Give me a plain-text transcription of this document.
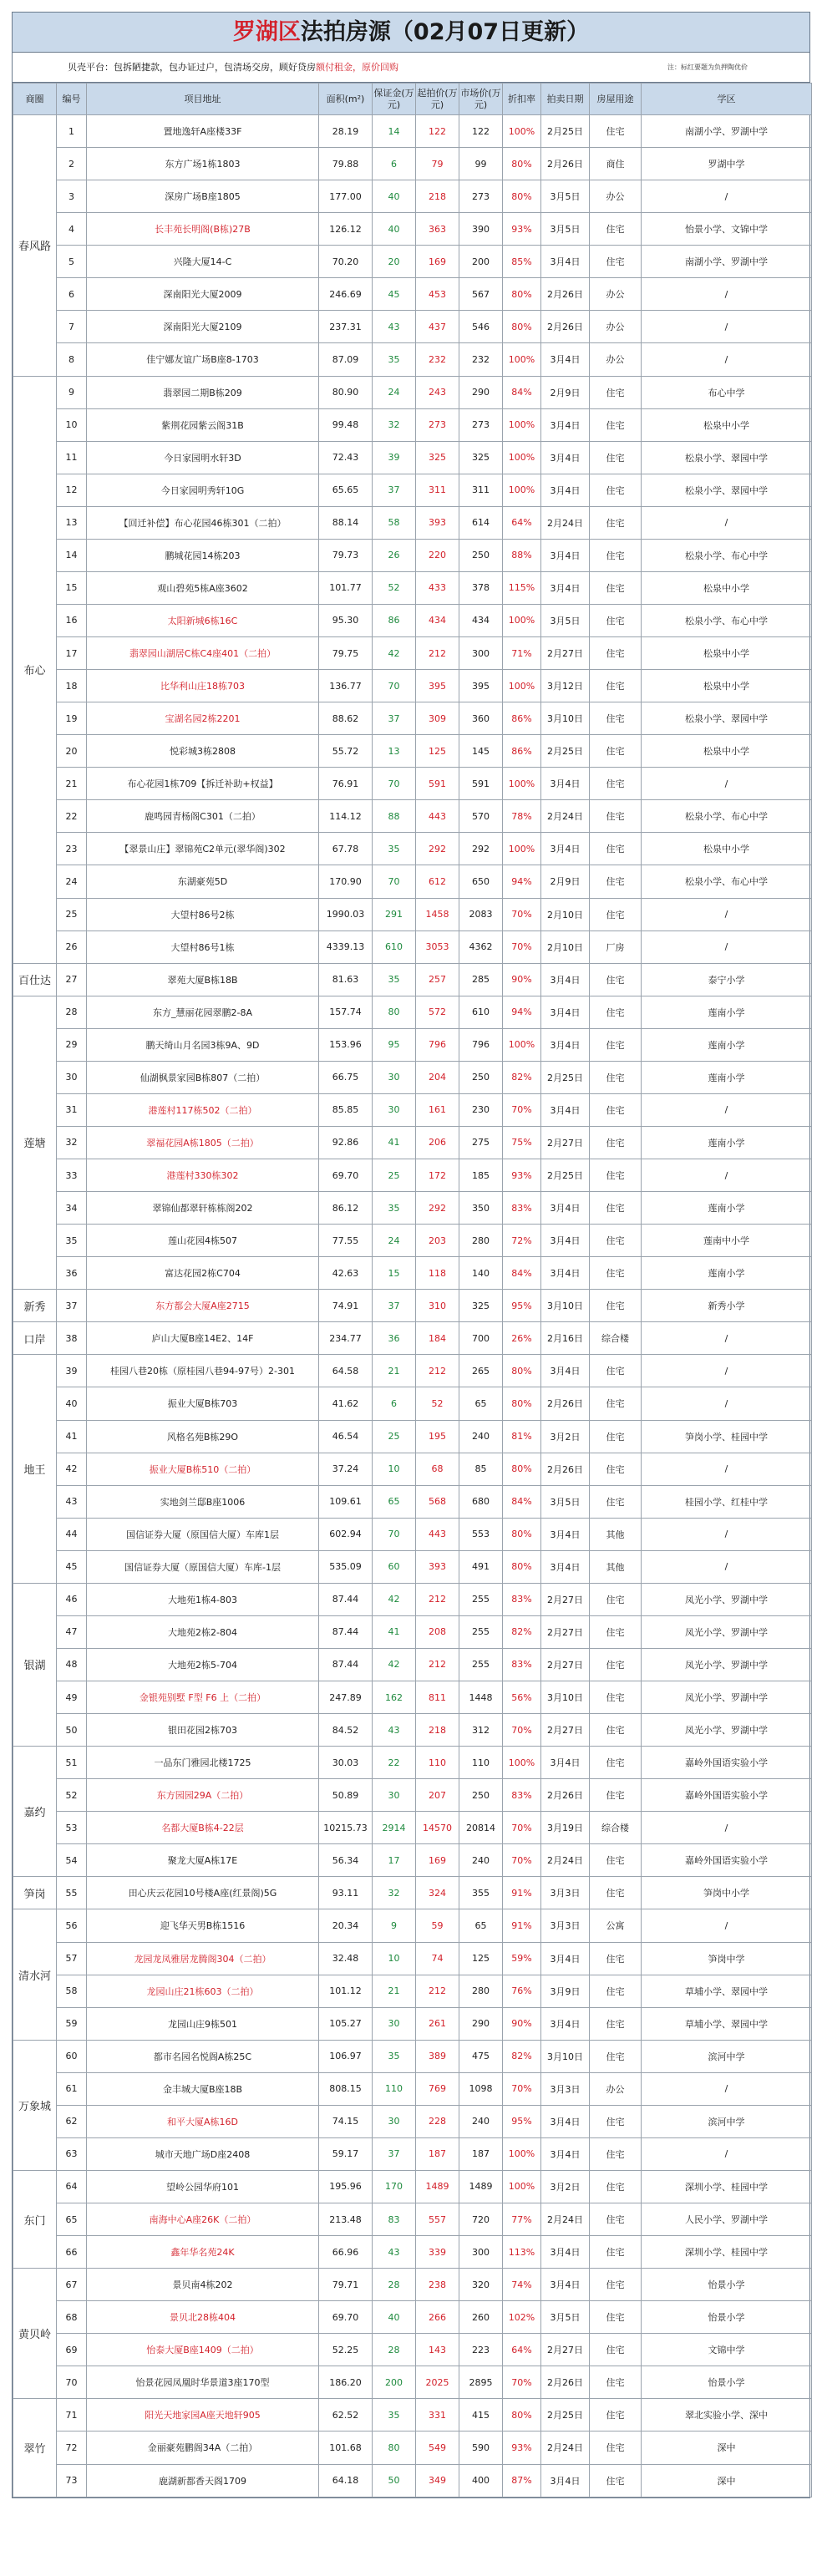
罗湖区法拍房源（02月07日更新）
贝壳平台：包拆陋捷款，包办证过户，包清场交房，顾好贷房额付租金，原价回购	注：标红要题为负押陶优价
商圈	编号	项目地址	面积(m²)	保证金(万元)	起拍价(万元)	市场价(万元)	折扣率	拍卖日期	房屋用途	学区
春风路	1	置地逸轩A座楼33F	28.19	14	122	122	100%	2月25日	住宅	南湖小学、罗湖中学
	2	东方广场1栋1803	79.88	6	79	99	80%	2月26日	商住	罗湖中学
	3	深房广场B座1805	177.00	40	218	273	80%	3月5日	办公	/
	4	长丰苑长明阁(B栋)27B	126.12	40	363	390	93%	3月5日	住宅	怡景小学、文锦中学
	5	兴隆大厦14-C	70.20	20	169	200	85%	3月4日	住宅	南湖小学、罗湖中学
	6	深南阳光大厦2009	246.69	45	453	567	80%	2月26日	办公	/
	7	深南阳光大厦2109	237.31	43	437	546	80%	2月26日	办公	/
	8	佳宁娜友谊广场B座8-1703	87.09	35	232	232	100%	3月4日	办公	/
布心	9	翡翠园二期B栋209	80.90	24	243	290	84%	2月9日	住宅	布心中学
	10	紫荆花园紫云阁31B	99.48	32	273	273	100%	3月4日	住宅	松泉中小学
	11	今日家园明水轩3D	72.43	39	325	325	100%	3月4日	住宅	松泉小学、翠园中学
	12	今日家园明秀轩10G	65.65	37	311	311	100%	3月4日	住宅	松泉小学、翠园中学
	13	【回迁补偿】布心花园46栋301（二拍）	88.14	58	393	614	64%	2月24日	住宅	/
	14	鹏城花园14栋203	79.73	26	220	250	88%	3月4日	住宅	松泉小学、布心中学
	15	观山碧苑5栋A座3602	101.77	52	433	378	115%	3月4日	住宅	松泉中小学
	16	太阳新城6栋16C	95.30	86	434	434	100%	3月5日	住宅	松泉小学、布心中学
	17	翡翠园山湖居C栋C4座401（二拍）	79.75	42	212	300	71%	2月27日	住宅	松泉中小学
	18	比华利山庄18栋703	136.77	70	395	395	100%	3月12日	住宅	松泉中小学
	19	宝湖名园2栋2201	88.62	37	309	360	86%	3月10日	住宅	松泉小学、翠园中学
	20	悦彩城3栋2808	55.72	13	125	145	86%	2月25日	住宅	松泉中小学
	21	布心花园1栋709【拆迁补助+权益】	76.91	70	591	591	100%	3月4日	住宅	/
	22	鹿鸣园青杨阁C301（二拍）	114.12	88	443	570	78%	2月24日	住宅	松泉小学、布心中学
	23	【翠景山庄】翠锦苑C2单元(翠华阁)302	67.78	35	292	292	100%	3月4日	住宅	松泉中小学
	24	东湖豪苑5D	170.90	70	612	650	94%	2月9日	住宅	松泉小学、布心中学
	25	大望村86号2栋	1990.03	291	1458	2083	70%	2月10日	住宅	/
	26	大望村86号1栋	4339.13	610	3053	4362	70%	2月10日	厂房	/
百仕达	27	翠苑大厦B栋18B	81.63	35	257	285	90%	3月4日	住宅	泰宁小学
莲塘	28	东方_慧丽花园翠鹏2-8A	157.74	80	572	610	94%	3月4日	住宅	莲南小学
	29	鹏天绮山月名园3栋9A、9D	153.96	95	796	796	100%	3月4日	住宅	莲南小学
	30	仙湖枫景家园B栋807（二拍）	66.75	30	204	250	82%	2月25日	住宅	莲南小学
	31	港莲村117栋502（二拍）	85.85	30	161	230	70%	3月4日	住宅	/
	32	翠福花园A栋1805（二拍）	92.86	41	206	275	75%	2月27日	住宅	莲南小学
	33	港莲村330栋302	69.70	25	172	185	93%	2月25日	住宅	/
	34	翠锦仙都翠轩栋栋阁202	86.12	35	292	350	83%	3月4日	住宅	莲南小学
	35	莲山花园4栋507	77.55	24	203	280	72%	3月4日	住宅	莲南中小学
	36	富达花园2栋C704	42.63	15	118	140	84%	3月4日	住宅	莲南小学
新秀	37	东方都会大厦A座2715	74.91	37	310	325	95%	3月10日	住宅	新秀小学
口岸	38	庐山大厦B座14E2、14F	234.77	36	184	700	26%	2月16日	综合楼	/
地王	39	桂园八巷20栋（原桂园八巷94-97号）2-301	64.58	21	212	265	80%	3月4日	住宅	/
	40	振业大厦B栋703	41.62	6	52	65	80%	2月26日	住宅	/
	41	风格名苑B栋29O	46.54	25	195	240	81%	3月2日	住宅	笋岗小学、桂园中学
	42	振业大厦B栋510（二拍）	37.24	10	68	85	80%	2月26日	住宅	/
	43	实地剑兰邸B座1006	109.61	65	568	680	84%	3月5日	住宅	桂园小学、红桂中学
	44	国信证券大厦（原国信大厦）车库1层	602.94	70	443	553	80%	3月4日	其他	/
	45	国信证券大厦（原国信大厦）车库-1层	535.09	60	393	491	80%	3月4日	其他	/
银湖	46	大地苑1栋4-803	87.44	42	212	255	83%	2月27日	住宅	凤光小学、罗湖中学
	47	大地苑2栋2-804	87.44	41	208	255	82%	2月27日	住宅	凤光小学、罗湖中学
	48	大地苑2栋5-704	87.44	42	212	255	83%	2月27日	住宅	凤光小学、罗湖中学
	49	金银苑别墅 F型 F6 上（二拍）	247.89	162	811	1448	56%	3月10日	住宅	凤光小学、罗湖中学
	50	银田花园2栋703	84.52	43	218	312	70%	2月27日	住宅	凤光小学、罗湖中学
嘉约	51	一品东门雅园北楼1725	30.03	22	110	110	100%	3月4日	住宅	嘉岭外国语实验小学
	52	东方园园29A（二拍）	50.89	30	207	250	83%	2月26日	住宅	嘉岭外国语实验小学
	53	名都大厦B栋4-22层	10215.73	2914	14570	20814	70%	3月19日	综合楼	/
	54	聚龙大厦A栋17E	56.34	17	169	240	70%	2月24日	住宅	嘉岭外国语实验小学
笋岗	55	田心庆云花园10号楼A座(红景阁)5G	93.11	32	324	355	91%	3月3日	住宅	笋岗中小学
清水河	56	迎飞华天男B栋1516	20.34	9	59	65	91%	3月3日	公寓	/
	57	龙园龙凤雅居龙腾阁304（二拍）	32.48	10	74	125	59%	3月4日	住宅	笋岗中学
	58	龙园山庄21栋603（二拍）	101.12	21	212	280	76%	3月9日	住宅	草埔小学、翠园中学
	59	龙园山庄9栋501	105.27	30	261	290	90%	3月4日	住宅	草埔小学、翠园中学
万象城	60	都市名园名悦阁A栋25C	106.97	35	389	475	82%	3月10日	住宅	滨河中学
	61	金丰城大厦B座18B	808.15	110	769	1098	70%	3月3日	办公	/
	62	和平大厦A栋16D	74.15	30	228	240	95%	3月4日	住宅	滨河中学
	63	城市天地广场D座2408	59.17	37	187	187	100%	3月4日	住宅	/
东门	64	望岭公园华府101	195.96	170	1489	1489	100%	3月2日	住宅	深圳小学、桂园中学
	65	南海中心A座26K（二拍）	213.48	83	557	720	77%	2月24日	住宅	人民小学、罗湖中学
	66	鑫年华名苑24K	66.96	43	339	300	113%	3月4日	住宅	深圳小学、桂园中学
黄贝岭	67	景贝南4栋202	79.71	28	238	320	74%	3月4日	住宅	怡景小学
	68	景贝北28栋404	69.70	40	266	260	102%	3月5日	住宅	怡景小学
	69	怡泰大厦B座1409（二拍）	52.25	28	143	223	64%	2月27日	住宅	文锦中学
	70	怡景花园凤凰时华景道3座170型	186.20	200	2025	2895	70%	2月26日	住宅	怡景小学
翠竹	71	阳光天地家园A座天地轩905	62.52	35	331	415	80%	2月25日	住宅	翠北实验小学、深中
	72	金丽豪苑鹏阁34A（二拍）	101.68	80	549	590	93%	2月24日	住宅	深中
	73	鹿湖新都香天阁1709	64.18	50	349	400	87%	3月4日	住宅	深中
